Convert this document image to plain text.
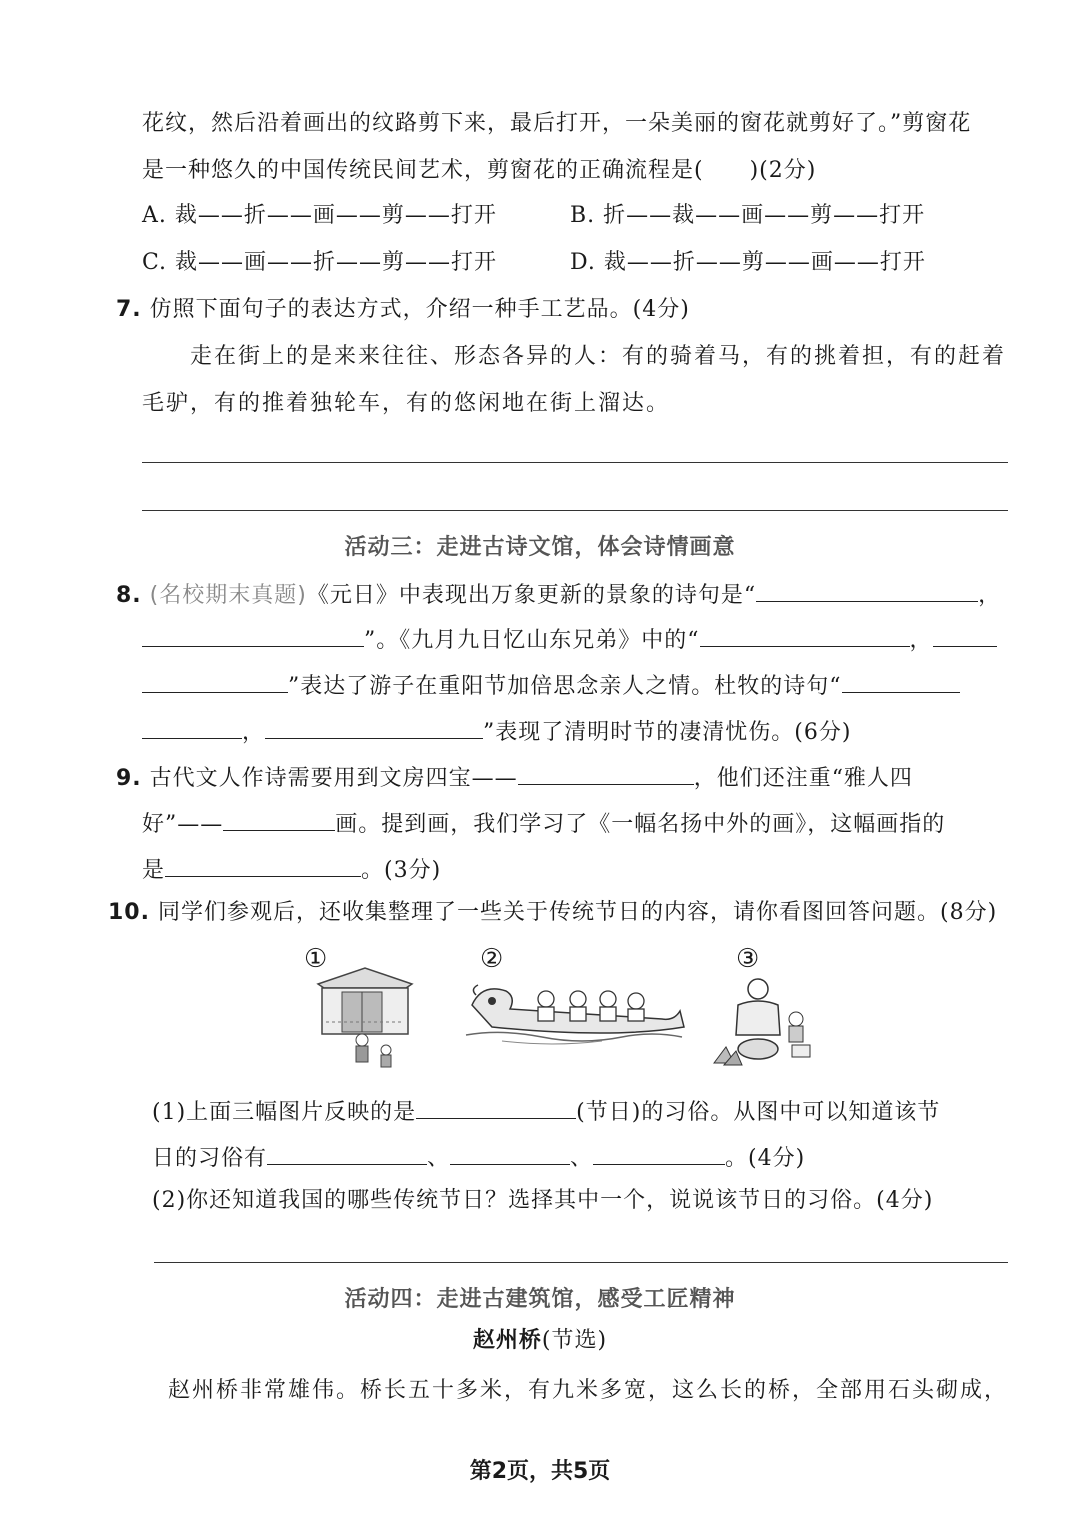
花纹，然后沿着画出的纹路剪下来，最后打开，一朵美丽的窗花就剪好了。”剪窗花
是一种悠久的中国传统民间艺术，剪窗花的正确流程是(　　)(2分)
A. 裁——折——画——剪——打开	B. 折——裁——画——剪——打开
C. 裁——画——折——剪——打开	D. 裁——折——剪——画——打开
7. 仿照下面句子的表达方式，介绍一种手工艺品。(4分)
走在街上的是来来往往、形态各异的人：有的骑着马，有的挑着担，有的赶着
毛驴，有的推着独轮车，有的悠闲地在街上溜达。
活动三：走进古诗文馆，体会诗情画意
8. (名校期末真题)《元日》中表现出万象更新的景象的诗句是“	，
”。《九月九日忆山东兄弟》中的“	，
”表达了游子在重阳节加倍思念亲人之情。杜牧的诗句“
，	”表现了清明时节的凄清忧伤。(6分)
9. 古代文人作诗需要用到文房四宝——	，他们还注重“雅人四
好”——	画。提到画，我们学习了《一幅名扬中外的画》，这幅画指的
是	。(3分)
10. 同学们参观后，还收集整理了一些关于传统节日的内容，请你看图回答问题。(8分)
①	②	③
(1)上面三幅图片反映的是	(节日)的习俗。从图中可以知道该节
日的习俗有	、	、	。(4分)
(2)你还知道我国的哪些传统节日？选择其中一个，说说该节日的习俗。(4分)
活动四：走进古建筑馆，感受工匠精神
赵州桥(节选)
赵州桥非常雄伟。桥长五十多米，有九米多宽，这么长的桥，全部用石头砌成，
第2页，共5页
